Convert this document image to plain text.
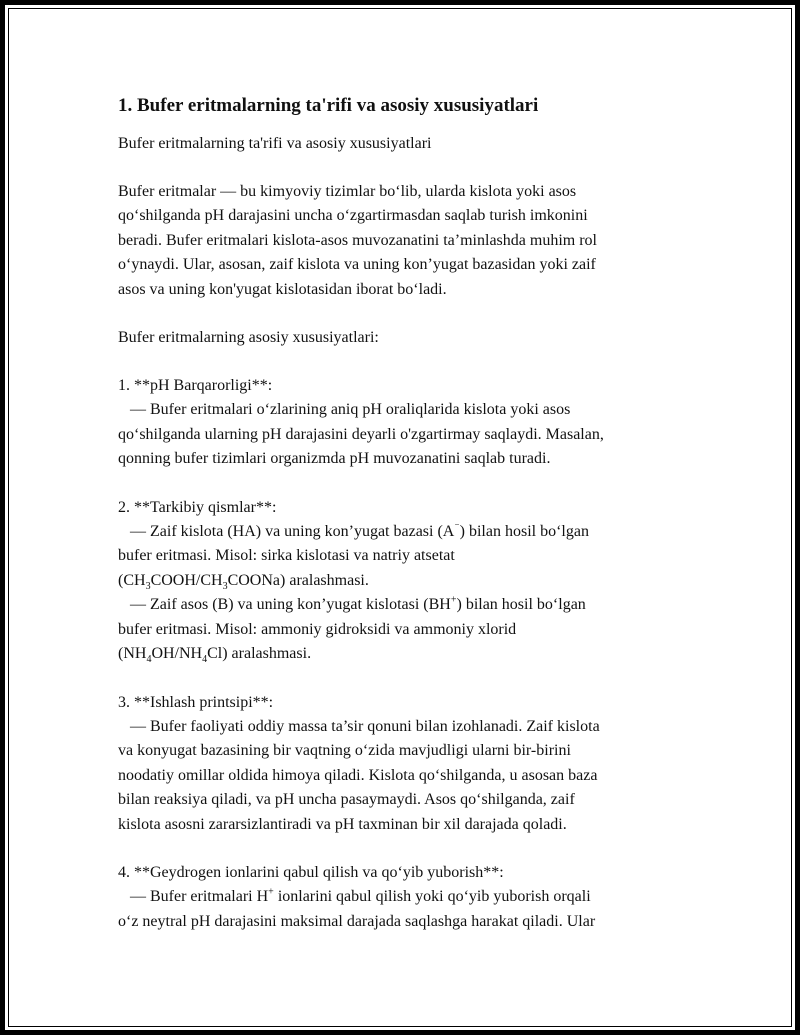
1. Bufer eritmalarning ta'rifi va asosiy xususiyatlari
Bufer eritmalarning ta'rifi va asosiy xususiyatlari
Bufer eritmalar — bu kimyoviy tizimlar bo‘lib, ularda kislota yoki asos
qo‘shilganda pH darajasini uncha o‘zgartirmasdan saqlab turish imkonini
beradi. Bufer eritmalari kislota-asos muvozanatini ta’minlashda muhim rol
o‘ynaydi. Ular, asosan, zaif kislota va uning kon’yugat bazasidan yoki zaif
asos va uning kon'yugat kislotasidan iborat bo‘ladi.
Bufer eritmalarning asosiy xususiyatlari:
1. **pH Barqarorligi**:
— Bufer eritmalari o‘zlarining aniq pH oraliqlarida kislota yoki asos
qo‘shilganda ularning pH darajasini deyarli o'zgartirmay saqlaydi. Masalan,
qonning bufer tizimlari organizmda pH muvozanatini saqlab turadi.
2. **Tarkibiy qismlar**:
— Zaif kislota (HA) va uning kon’yugat bazasi (A⁻) bilan hosil bo‘lgan
bufer eritmasi. Misol: sirka kislotasi va natriy atsetat
$(CH_3COOH/CH_3COONa)$ aralashmasi.
— Zaif asos (B) va uning kon’yugat kislotasi (BH+) bilan hosil bo‘lgan
bufer eritmasi. Misol: ammoniy gidroksidi va ammoniy xlorid
$(NH_4OH/NH_4Cl)$ aralashmasi.
3. **Ishlash printsipi**:
— Bufer faoliyati oddiy massa ta’sir qonuni bilan izohlanadi. Zaif kislota
va konyugat bazasining bir vaqtning o‘zida mavjudligi ularni bir-birini
noodatiy omillar oldida himoya qiladi. Kislota qo‘shilganda, u asosan baza
bilan reaksiya qiladi, va pH uncha pasaymaydi. Asos qo‘shilganda, zaif
kislota asosni zararsizlantiradi va pH taxminan bir xil darajada qoladi.
4. **Geydrogen ionlarini qabul qilish va qo‘yib yuborish**:
— Bufer eritmalari H+ ionlarini qabul qilish yoki qo‘yib yuborish orqali
o‘z neytral pH darajasini maksimal darajada saqlashga harakat qiladi. Ular
